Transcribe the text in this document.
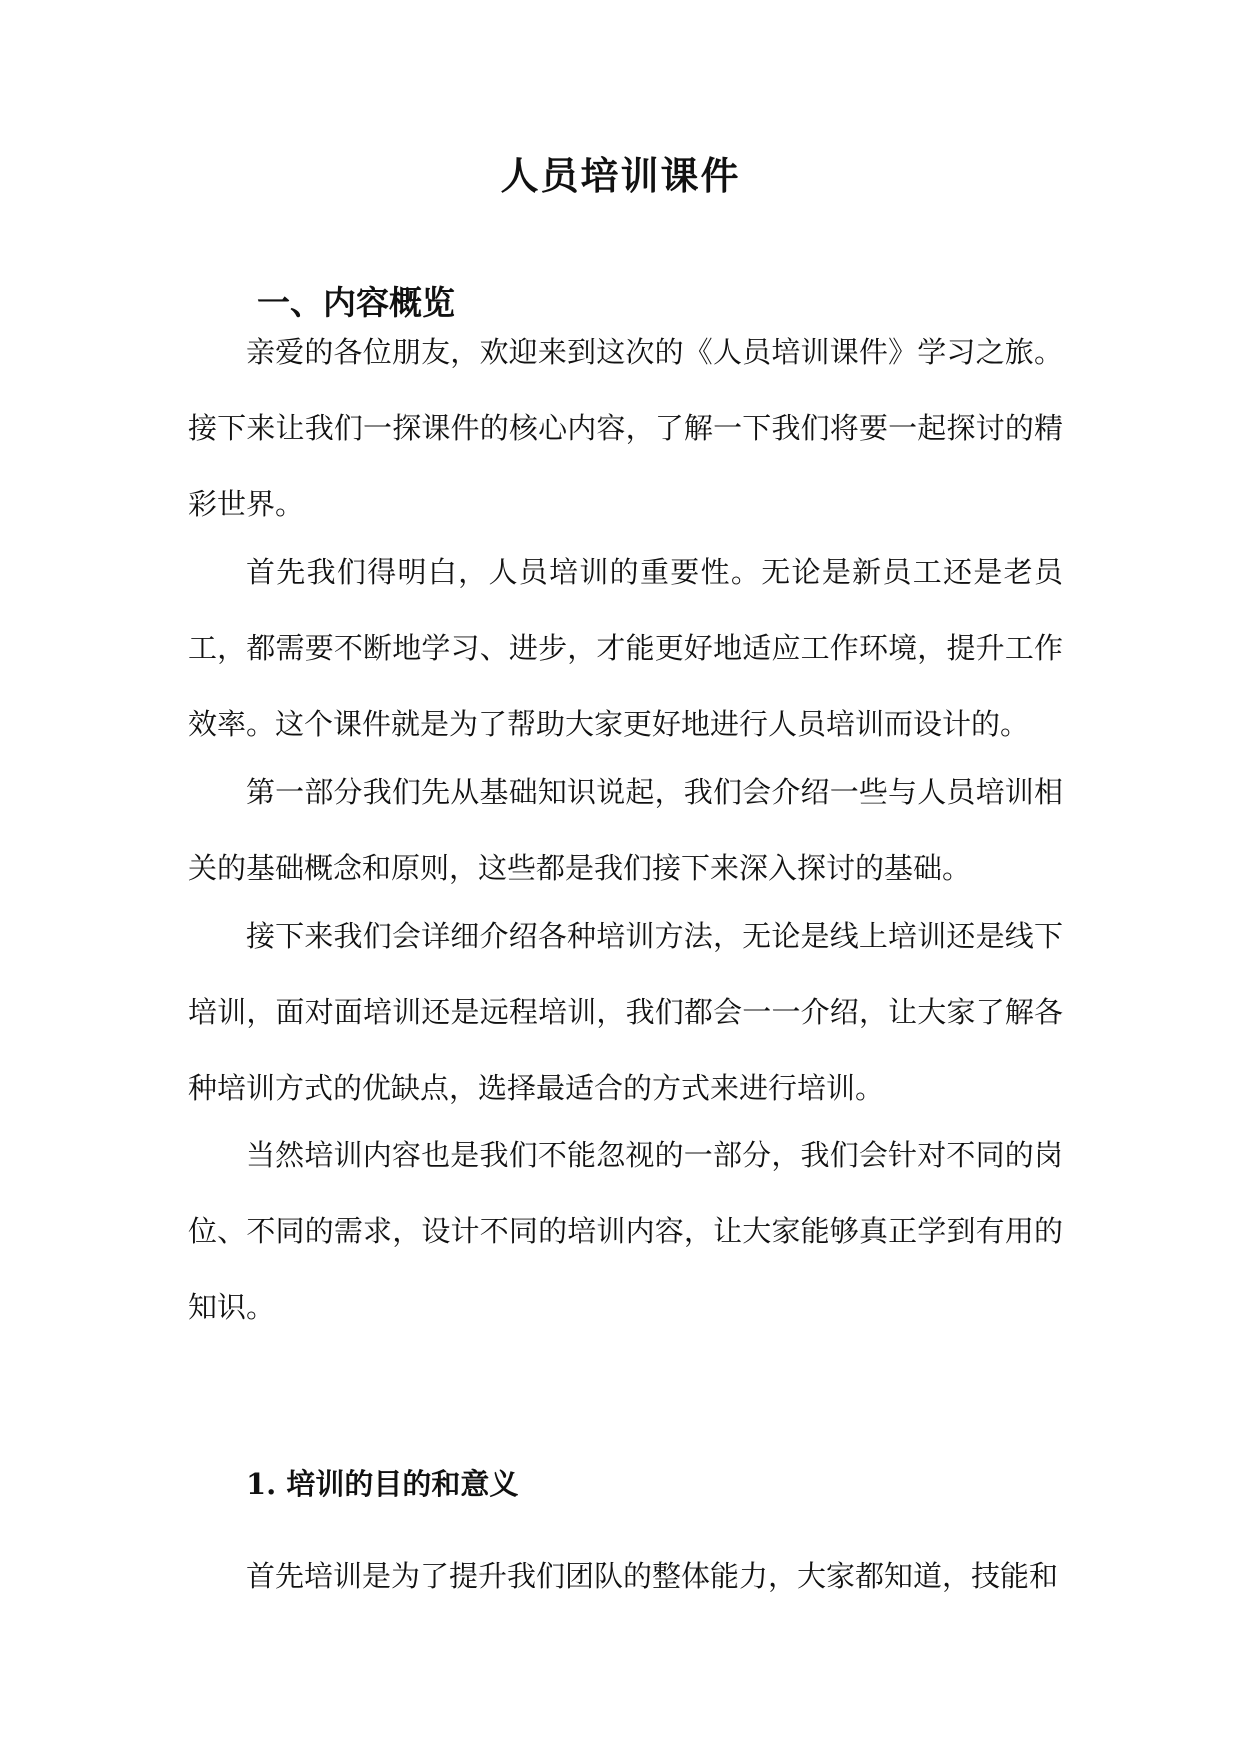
人员培训课件
一、内容概览

亲爱的各位朋友，欢迎来到这次的《人员培训课件》学习之旅。接下来让我们一探课件的核心内容，了解一下我们将要一起探讨的精彩世界。

首先我们得明白，人员培训的重要性。无论是新员工还是老员工，都需要不断地学习、进步，才能更好地适应工作环境，提升工作效率。这个课件就是为了帮助大家更好地进行人员培训而设计的。

第一部分我们先从基础知识说起，我们会介绍一些与人员培训相关的基础概念和原则，这些都是我们接下来深入探讨的基础。

接下来我们会详细介绍各种培训方法，无论是线上培训还是线下培训，面对面培训还是远程培训，我们都会一一介绍，让大家了解各种培训方式的优缺点，选择最适合的方式来进行培训。

当然培训内容也是我们不能忽视的一部分，我们会针对不同的岗位、不同的需求，设计不同的培训内容，让大家能够真正学到有用的知识。

1. 培训的目的和意义

首先培训是为了提升我们团队的整体能力，大家都知道，技能和
